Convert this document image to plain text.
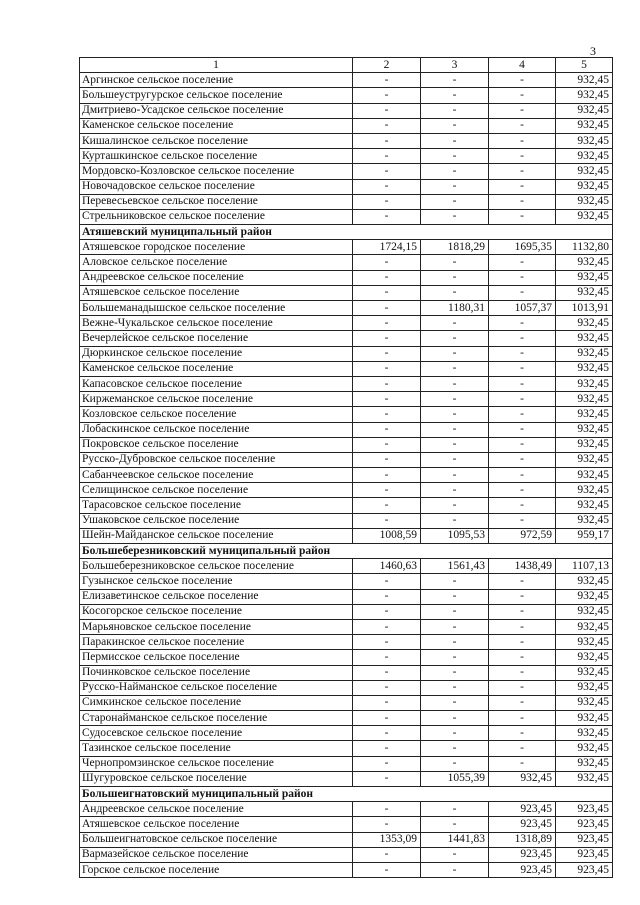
3
1	2	3	4	5
Аргинское сельское поселение	-	-	-	932,45
Большеустругурское сельское поселение	-	-	-	932,45
Дмитриево-Усадское сельское поселение	-	-	-	932,45
Каменское сельское поселение	-	-	-	932,45
Кишалинское сельское поселение	-	-	-	932,45
Курташкинское сельское поселение	-	-	-	932,45
Мордовско-Козловское сельское поселение	-	-	-	932,45
Новочадовское сельское поселение	-	-	-	932,45
Перевесьевское сельское поселение	-	-	-	932,45
Стрельниковское сельское поселение	-	-	-	932,45
Атяшевский муниципальный район				
Атяшевское городское поселение	1724,15	1818,29	1695,35	1132,80
Аловское сельское поселение	-	-	-	932,45
Андреевское сельское поселение	-	-	-	932,45
Атяшевское сельское поселение	-	-	-	932,45
Большеманадышское сельское поселение	-	1180,31	1057,37	1013,91
Вежне-Чукальское сельское поселение	-	-	-	932,45
Вечерлейское сельское поселение	-	-	-	932,45
Дюркинское сельское поселение	-	-	-	932,45
Каменское сельское поселение	-	-	-	932,45
Капасовское сельское поселение	-	-	-	932,45
Киржеманское сельское поселение	-	-	-	932,45
Козловское сельское поселение	-	-	-	932,45
Лобаскинское сельское поселение	-	-	-	932,45
Покровское сельское поселение	-	-	-	932,45
Русско-Дубровское сельское поселение	-	-	-	932,45
Сабанчеевское сельское поселение	-	-	-	932,45
Селищинское сельское поселение	-	-	-	932,45
Тарасовское сельское поселение	-	-	-	932,45
Ушаковское сельское поселение	-	-	-	932,45
Шейн-Майданское сельское поселение	1008,59	1095,53	972,59	959,17
Большеберезниковский муниципальный район				
Большеберезниковское сельское поселение	1460,63	1561,43	1438,49	1107,13
Гузынское сельское поселение	-	-	-	932,45
Елизаветинское сельское поселение	-	-	-	932,45
Косогорское сельское поселение	-	-	-	932,45
Марьяновское сельское поселение	-	-	-	932,45
Паракинское сельское поселение	-	-	-	932,45
Пермисское сельское поселение	-	-	-	932,45
Починковское сельское поселение	-	-	-	932,45
Русско-Найманское сельское поселение	-	-	-	932,45
Симкинское сельское поселение	-	-	-	932,45
Старонайманское сельское поселение	-	-	-	932,45
Судосевское сельское поселение	-	-	-	932,45
Тазинское сельское поселение	-	-	-	932,45
Чернопромзинское сельское поселение	-	-	-	932,45
Шугуровское сельское поселение	-	1055,39	932,45	932,45
Большеигнатовский муниципальный район				
Андреевское сельское поселение	-	-	923,45	923,45
Атяшевское сельское поселение	-	-	923,45	923,45
Большеигнатовское сельское поселение	1353,09	1441,83	1318,89	923,45
Вармазейское сельское поселение	-	-	923,45	923,45
Горское сельское поселение	-	-	923,45	923,45
